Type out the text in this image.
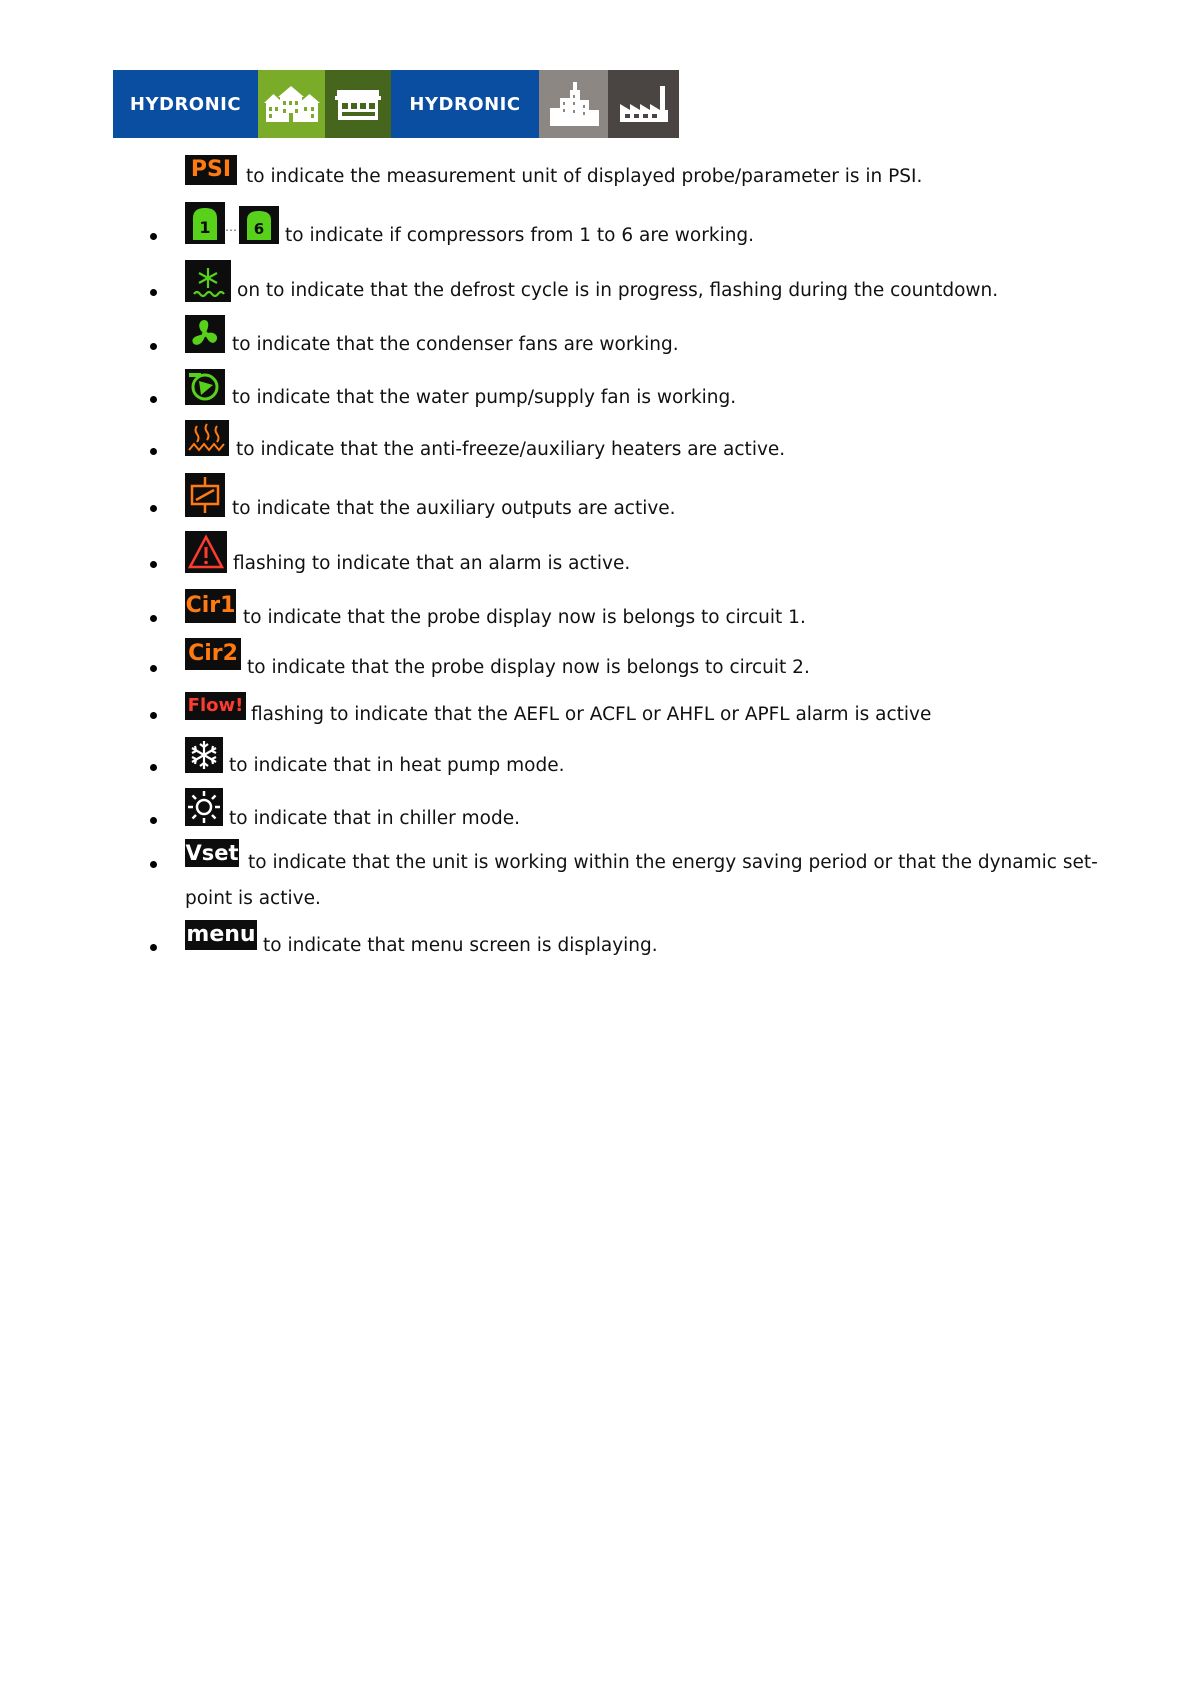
HYDRONIC	HYDRONIC
PSI to indicate the measurement unit of displayed probe/parameter is in PSI.
1 … 6 to indicate if compressors from 1 to 6 are working.
on to indicate that the defrost cycle is in progress, flashing during the countdown.
to indicate that the condenser fans are working.
to indicate that the water pump/supply fan is working.
to indicate that the anti-freeze/auxiliary heaters are active.
to indicate that the auxiliary outputs are active.
flashing to indicate that an alarm is active.
Cir1 to indicate that the probe display now is belongs to circuit 1.
Cir2
to indicate that the probe display now is belongs to circuit 2.
Flow! flashing to indicate that the AEFL or ACFL or AHFL or APFL alarm is active
to indicate that in heat pump mode.
to indicate that in chiller mode.
Vset to indicate that the unit is working within the energy saving period or that the dynamic set-
point is active.
menu to indicate that menu screen is displaying.
